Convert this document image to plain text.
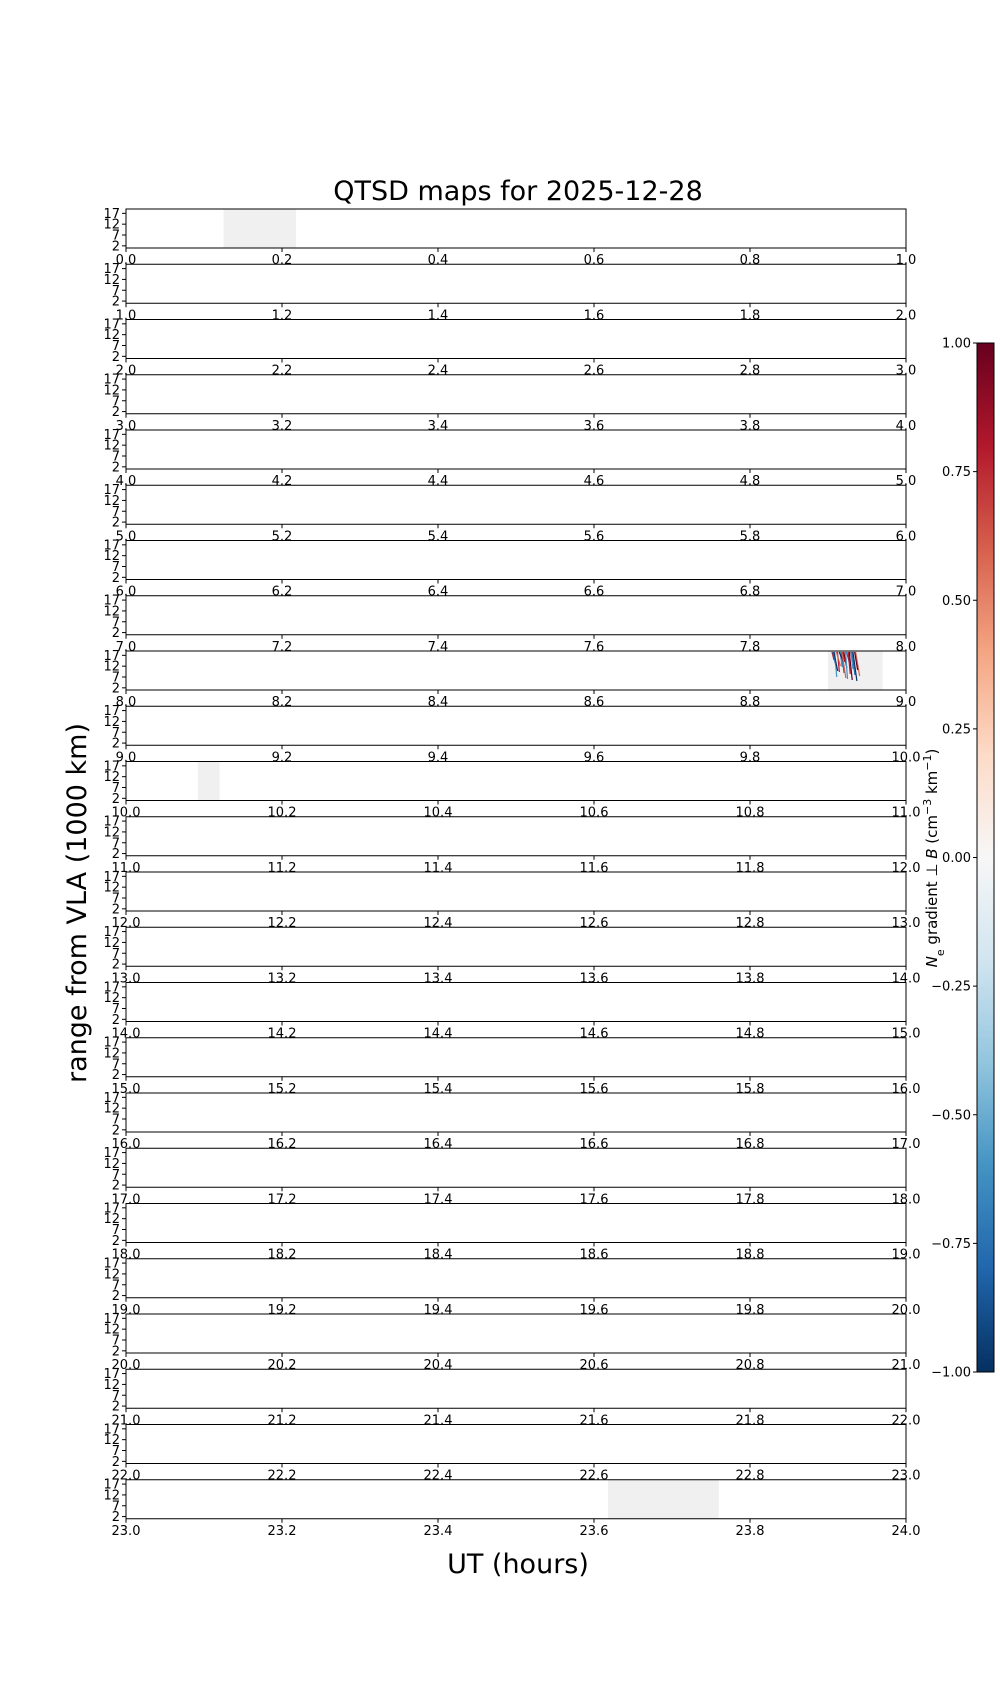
QTSD maps for 2025-12-28
17
12
7
2
0.0	0.2	0.4	0.6	0.8	1.0
17
12
7
2
1.0	1.2	1.4	1.6	1.8	2.0
17
12
7
2
2.0	2.2	2.4	2.6	2.8	3.0
17
12
7
2
3.0	3.2	3.4	3.6	3.8	4.0
17
12
7
2
4.0	4.2	4.4	4.6	4.8	5.0
17
12
7
2
5.0	5.2	5.4	5.6	5.8	6.0
17
12
7
2
6.0	6.2	6.4	6.6	6.8	7.0
17
12
7
2
7.0	7.2	7.4	7.6	7.8	8.0
17
12
7
2
8.0	8.2	8.4	8.6	8.8	9.0
17
12
7
2
9.0	9.2	9.4	9.6	9.8	10.0
17
12
7
2
10.0	10.2	10.4	10.6	10.8	11.0
17
12
7
2
11.0	11.2	11.4	11.6	11.8	12.0
17
12
7
2
12.0	12.2	12.4	12.6	12.8	13.0
17
12
7
2
13.0	13.2	13.4	13.6	13.8	14.0
17
12
7
2
14.0	14.2	14.4	14.6	14.8	15.0
17
12
7
2
15.0	15.2	15.4	15.6	15.8	16.0
17
12
7
2
16.0	16.2	16.4	16.6	16.8	17.0
17
12
7
2
17.0	17.2	17.4	17.6	17.8	18.0
17
12
7
2
18.0	18.2	18.4	18.6	18.8	19.0
17
12
7
2
19.0	19.2	19.4	19.6	19.8	20.0
17
12
7
2
20.0	20.2	20.4	20.6	20.8	21.0
17
12
7
2
21.0	21.2	21.4	21.6	21.8	22.0
17
12
7
2
22.0	22.2	22.4	22.6	22.8	23.0
17
12
7
2
23.0	23.2	23.4	23.6	23.8	24.0
range from VLA (1000 km)
UT (hours)
1.00
0.75
0.50
0.25
0.00
−0.25
−0.50
−0.75
−1.00
$N_e$ gradient ⊥ B ($cm^{-3}$ $km^{-1}$)
